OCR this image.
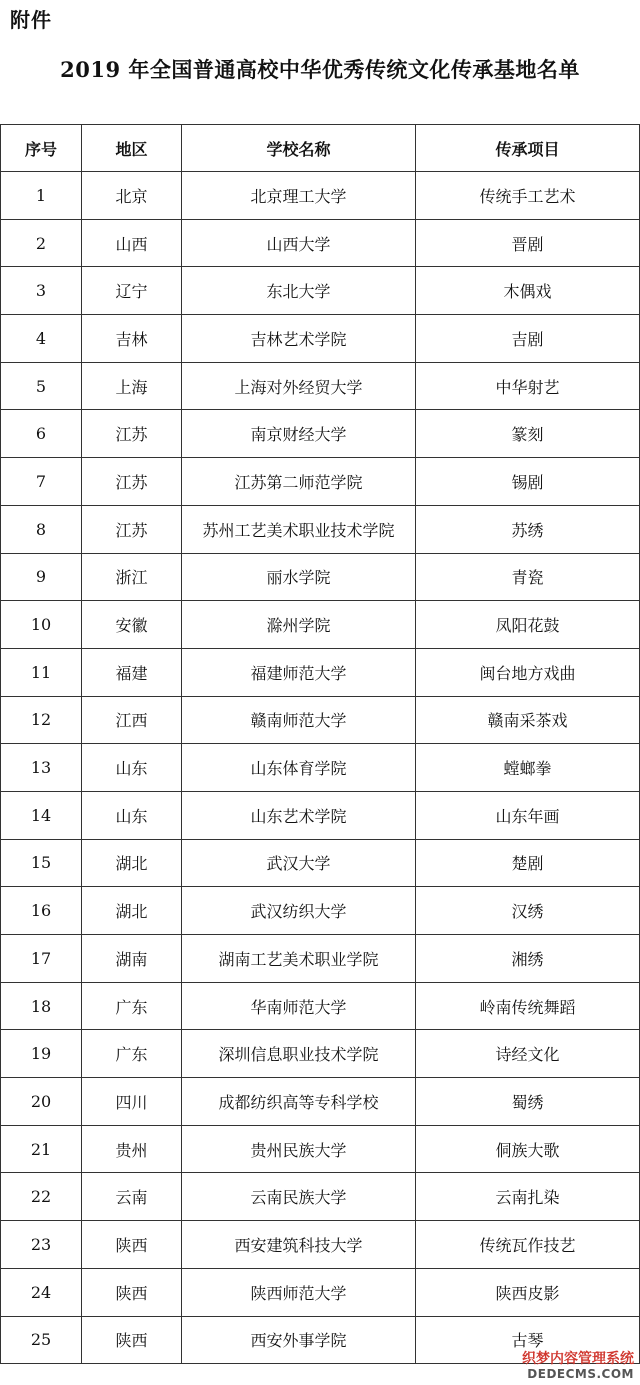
附件
2019 年全国普通高校中华优秀传统文化传承基地名单
序号	地区	学校名称	传承项目
1	北京	北京理工大学	传统手工艺术
2	山西	山西大学	晋剧
3	辽宁	东北大学	木偶戏
4	吉林	吉林艺术学院	吉剧
5	上海	上海对外经贸大学	中华射艺
6	江苏	南京财经大学	篆刻
7	江苏	江苏第二师范学院	锡剧
8	江苏	苏州工艺美术职业技术学院	苏绣
9	浙江	丽水学院	青瓷
10	安徽	滁州学院	凤阳花鼓
11	福建	福建师范大学	闽台地方戏曲
12	江西	赣南师范大学	赣南采茶戏
13	山东	山东体育学院	螳螂拳
14	山东	山东艺术学院	山东年画
15	湖北	武汉大学	楚剧
16	湖北	武汉纺织大学	汉绣
17	湖南	湖南工艺美术职业学院	湘绣
18	广东	华南师范大学	岭南传统舞蹈
19	广东	深圳信息职业技术学院	诗经文化
20	四川	成都纺织高等专科学校	蜀绣
21	贵州	贵州民族大学	侗族大歌
22	云南	云南民族大学	云南扎染
23	陕西	西安建筑科技大学	传统瓦作技艺
24	陕西	陕西师范大学	陕西皮影
25	陕西	西安外事学院	古琴
织梦内容管理系统
DEDECMS.COM
